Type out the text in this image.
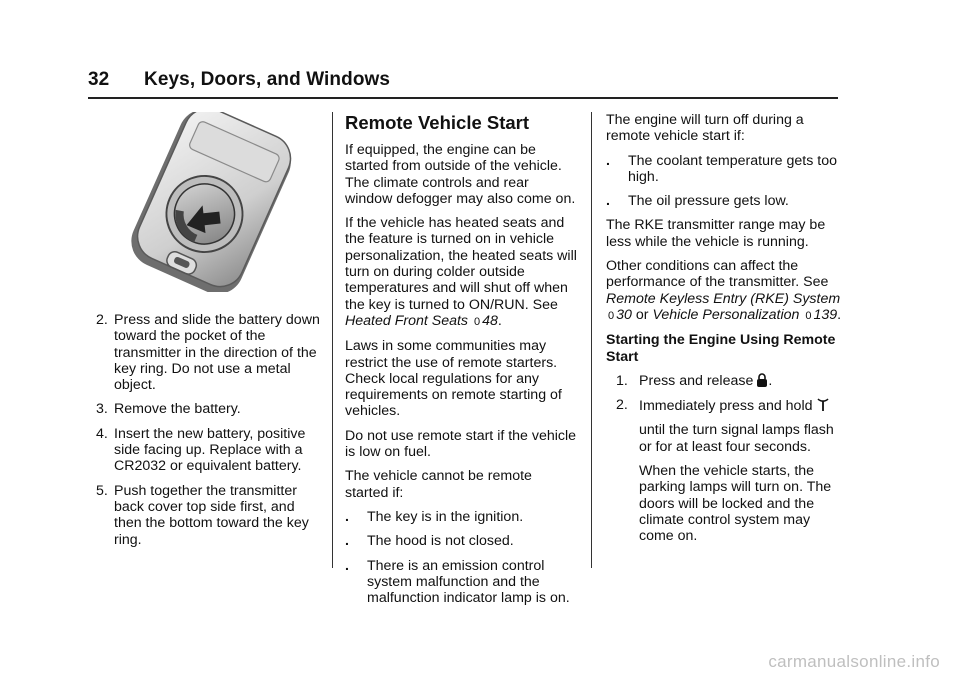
32 Keys, Doors, and Windows
2. Press and slide the battery down toward the pocket of the transmitter in the direction of the key ring. Do not use a metal object.
3. Remove the battery.
4. Insert the new battery, positive side facing up. Replace with a CR2032 or equivalent battery.
5. Push together the transmitter back cover top side first, and then the bottom toward the key ring.
Remote Vehicle Start

If equipped, the engine can be started from outside of the vehicle. The climate controls and rear window defogger may also come on.

If the vehicle has heated seats and the feature is turned on in vehicle personalization, the heated seats will turn on during colder outside temperatures and will shut off when the key is turned to ON/RUN. See Heated Front Seats 0 48.

Laws in some communities may restrict the use of remote starters. Check local regulations for any requirements on remote starting of vehicles.

Do not use remote start if the vehicle is low on fuel.

The vehicle cannot be remote started if:

. The key is in the ignition.
. The hood is not closed.
. There is an emission control system malfunction and the malfunction indicator lamp is on.

The engine will turn off during a remote vehicle start if:

. The coolant temperature gets too high.
. The oil pressure gets low.

The RKE transmitter range may be less while the vehicle is running.

Other conditions can affect the performance of the transmitter. See Remote Keyless Entry (RKE) System 0 30 or Vehicle Personalization 0 139.

Starting the Engine Using Remote Start

1. Press and release .
2. Immediately press and hold

until the turn signal lamps flash or for at least four seconds.

When the vehicle starts, the parking lamps will turn on. The doors will be locked and the climate control system may come on.

carmanualsonline.info
